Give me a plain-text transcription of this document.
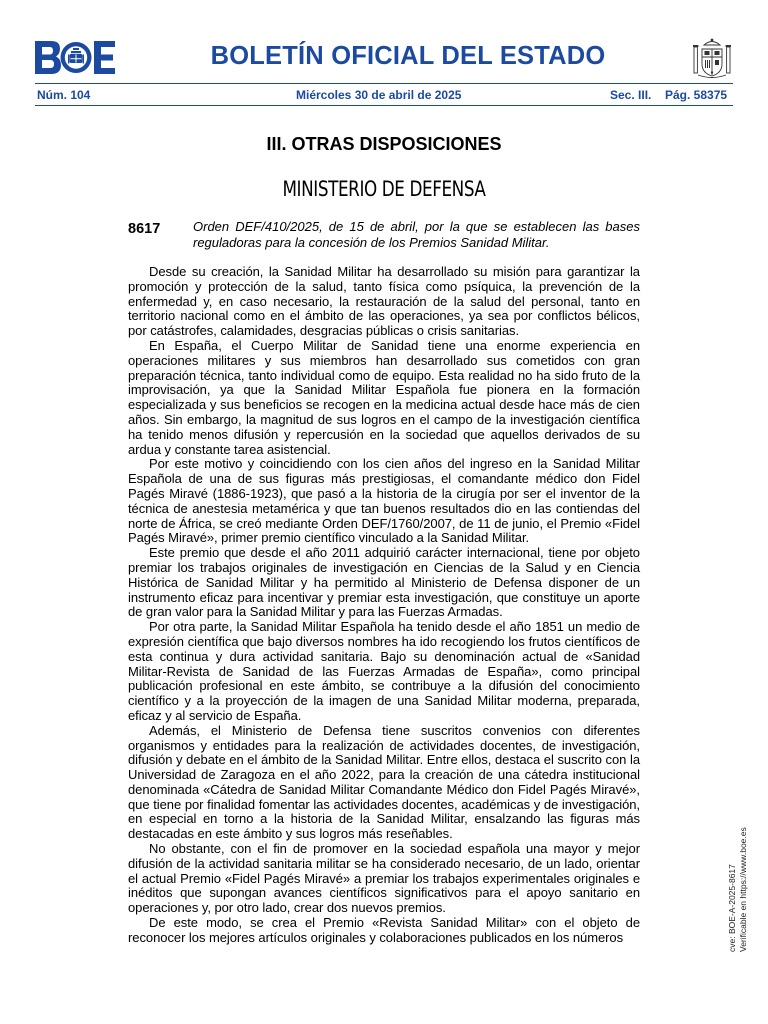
BOLETÍN OFICIAL DEL ESTADO
Núm. 104	Miércoles 30 de abril de 2025	Sec. III. Pág. 58375
III. OTRAS DISPOSICIONES
MINISTERIO DE DEFENSA
8617	Orden DEF/410/2025, de 15 de abril, por la que se establecen las bases reguladoras para la concesión de los Premios Sanidad Militar.

Desde su creación, la Sanidad Militar ha desarrollado su misión para garantizar la promoción y protección de la salud, tanto física como psíquica, la prevención de la enfermedad y, en caso necesario, la restauración de la salud del personal, tanto en territorio nacional como en el ámbito de las operaciones, ya sea por conflictos bélicos, por catástrofes, calamidades, desgracias públicas o crisis sanitarias.

En España, el Cuerpo Militar de Sanidad tiene una enorme experiencia en operaciones militares y sus miembros han desarrollado sus cometidos con gran preparación técnica, tanto individual como de equipo. Esta realidad no ha sido fruto de la improvisación, ya que la Sanidad Militar Española fue pionera en la formación especializada y sus beneficios se recogen en la medicina actual desde hace más de cien años. Sin embargo, la magnitud de sus logros en el campo de la investigación científica ha tenido menos difusión y repercusión en la sociedad que aquellos derivados de su ardua y constante tarea asistencial.

Por este motivo y coincidiendo con los cien años del ingreso en la Sanidad Militar Española de una de sus figuras más prestigiosas, el comandante médico don Fidel Pagés Miravé (1886-1923), que pasó a la historia de la cirugía por ser el inventor de la técnica de anestesia metamérica y que tan buenos resultados dio en las contiendas del norte de África, se creó mediante Orden DEF/1760/2007, de 11 de junio, el Premio «Fidel Pagés Miravé», primer premio científico vinculado a la Sanidad Militar.

Este premio que desde el año 2011 adquirió carácter internacional, tiene por objeto premiar los trabajos originales de investigación en Ciencias de la Salud y en Ciencia Histórica de Sanidad Militar y ha permitido al Ministerio de Defensa disponer de un instrumento eficaz para incentivar y premiar esta investigación, que constituye un aporte de gran valor para la Sanidad Militar y para las Fuerzas Armadas.

Por otra parte, la Sanidad Militar Española ha tenido desde el año 1851 un medio de expresión científica que bajo diversos nombres ha ido recogiendo los frutos científicos de esta continua y dura actividad sanitaria. Bajo su denominación actual de «Sanidad Militar-Revista de Sanidad de las Fuerzas Armadas de España», como principal publicación profesional en este ámbito, se contribuye a la difusión del conocimiento científico y a la proyección de la imagen de una Sanidad Militar moderna, preparada, eficaz y al servicio de España.

Además, el Ministerio de Defensa tiene suscritos convenios con diferentes organismos y entidades para la realización de actividades docentes, de investigación, difusión y debate en el ámbito de la Sanidad Militar. Entre ellos, destaca el suscrito con la Universidad de Zaragoza en el año 2022, para la creación de una cátedra institucional denominada «Cátedra de Sanidad Militar Comandante Médico don Fidel Pagés Miravé», que tiene por finalidad fomentar las actividades docentes, académicas y de investigación, en especial en torno a la historia de la Sanidad Militar, ensalzando las figuras más destacadas en este ámbito y sus logros más reseñables.

No obstante, con el fin de promover en la sociedad española una mayor y mejor difusión de la actividad sanitaria militar se ha considerado necesario, de un lado, orientar el actual Premio «Fidel Pagés Miravé» a premiar los trabajos experimentales originales e inéditos que supongan avances científicos significativos para el apoyo sanitario en operaciones y, por otro lado, crear dos nuevos premios.

De este modo, se crea el Premio «Revista Sanidad Militar» con el objeto de reconocer los mejores artículos originales y colaboraciones publicados en los números	cve: BOE-A-2025-8617 Verificable en https://www.boe.es
